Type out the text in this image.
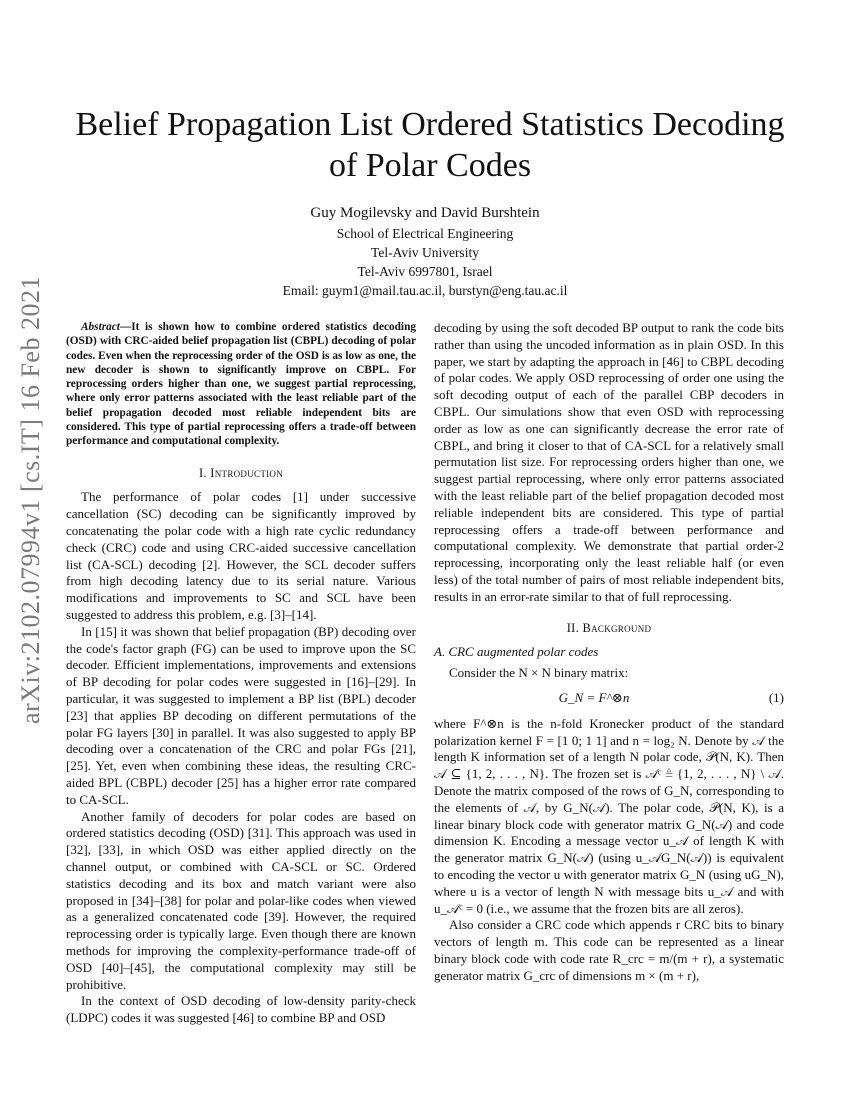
arXiv:2102.07994v1 [cs.IT] 16 Feb 2021
Belief Propagation List Ordered Statistics Decoding of Polar Codes
Guy Mogilevsky and David Burshtein
School of Electrical Engineering
Tel-Aviv University
Tel-Aviv 6997801, Israel
Email: guym1@mail.tau.ac.il, burstyn@eng.tau.ac.il

Abstract—It is shown how to combine ordered statistics decoding (OSD) with CRC-aided belief propagation list (CBPL) decoding of polar codes. Even when the reprocessing order of the OSD is as low as one, the new decoder is shown to significantly improve on CBPL. For reprocessing orders higher than one, we suggest partial reprocessing, where only error patterns associated with the least reliable part of the belief propagation decoded most reliable independent bits are considered. This type of partial reprocessing offers a trade-off between performance and computational complexity.

I. Introduction

The performance of polar codes [1] under successive cancellation (SC) decoding can be significantly improved by concatenating the polar code with a high rate cyclic redundancy check (CRC) code and using CRC-aided successive cancellation list (CA-SCL) decoding [2]. However, the SCL decoder suffers from high decoding latency due to its serial nature. Various modifications and improvements to SC and SCL have been suggested to address this problem, e.g. [3]–[14].

In [15] it was shown that belief propagation (BP) decoding over the code's factor graph (FG) can be used to improve upon the SC decoder. Efficient implementations, improvements and extensions of BP decoding for polar codes were suggested in [16]–[29]. In particular, it was suggested to implement a BP list (BPL) decoder [23] that applies BP decoding on different permutations of the polar FG layers [30] in parallel. It was also suggested to apply BP decoding over a concatenation of the CRC and polar FGs [21], [25]. Yet, even when combining these ideas, the resulting CRC-aided BPL (CBPL) decoder [25] has a higher error rate compared to CA-SCL.

Another family of decoders for polar codes are based on ordered statistics decoding (OSD) [31]. This approach was used in [32], [33], in which OSD was either applied directly on the channel output, or combined with CA-SCL or SC. Ordered statistics decoding and its box and match variant were also proposed in [34]–[38] for polar and polar-like codes when viewed as a generalized concatenated code [39]. However, the required reprocessing order is typically large. Even though there are known methods for improving the complexity-performance trade-off of OSD [40]–[45], the computational complexity may still be prohibitive.

In the context of OSD decoding of low-density parity-check (LDPC) codes it was suggested [46] to combine BP and OSD

decoding by using the soft decoded BP output to rank the code bits rather than using the uncoded information as in plain OSD. In this paper, we start by adapting the approach in [46] to CBPL decoding of polar codes. We apply OSD reprocessing of order one using the soft decoding output of each of the parallel CBP decoders in CBPL. Our simulations show that even OSD with reprocessing order as low as one can significantly decrease the error rate of CBPL, and bring it closer to that of CA-SCL for a relatively small permutation list size. For reprocessing orders higher than one, we suggest partial reprocessing, where only error patterns associated with the least reliable part of the belief propagation decoded most reliable independent bits are considered. This type of partial reprocessing offers a trade-off between performance and computational complexity. We demonstrate that partial order-2 reprocessing, incorporating only the least reliable half (or even less) of the total number of pairs of most reliable independent bits, results in an error-rate similar to that of full reprocessing.

II. Background
A. CRC augmented polar codes

Consider the N × N binary matrix:

G_N = F^⊗n	(1)

where F^⊗n is the n-fold Kronecker product of the standard polarization kernel F = [1 0; 1 1] and n = log₂ N. Denote by 𝒜 the length K information set of a length N polar code, 𝒫(N, K). Then 𝒜 ⊆ {1, 2, . . . , N}. The frozen set is 𝒜ᶜ ≜ {1, 2, . . . , N} \ 𝒜. Denote the matrix composed of the rows of G_N, corresponding to the elements of 𝒜, by G_N(𝒜). The polar code, 𝒫(N, K), is a linear binary block code with generator matrix G_N(𝒜) and code dimension K. Encoding a message vector u_𝒜 of length K with the generator matrix G_N(𝒜) (using u_𝒜G_N(𝒜)) is equivalent to encoding the vector u with generator matrix G_N (using uG_N), where u is a vector of length N with message bits u_𝒜 and with u_𝒜ᶜ = 0 (i.e., we assume that the frozen bits are all zeros).

Also consider a CRC code which appends r CRC bits to binary vectors of length m. This code can be represented as a linear binary block code with code rate R_crc = m/(m + r), a systematic generator matrix G_crc of dimensions m × (m + r),
